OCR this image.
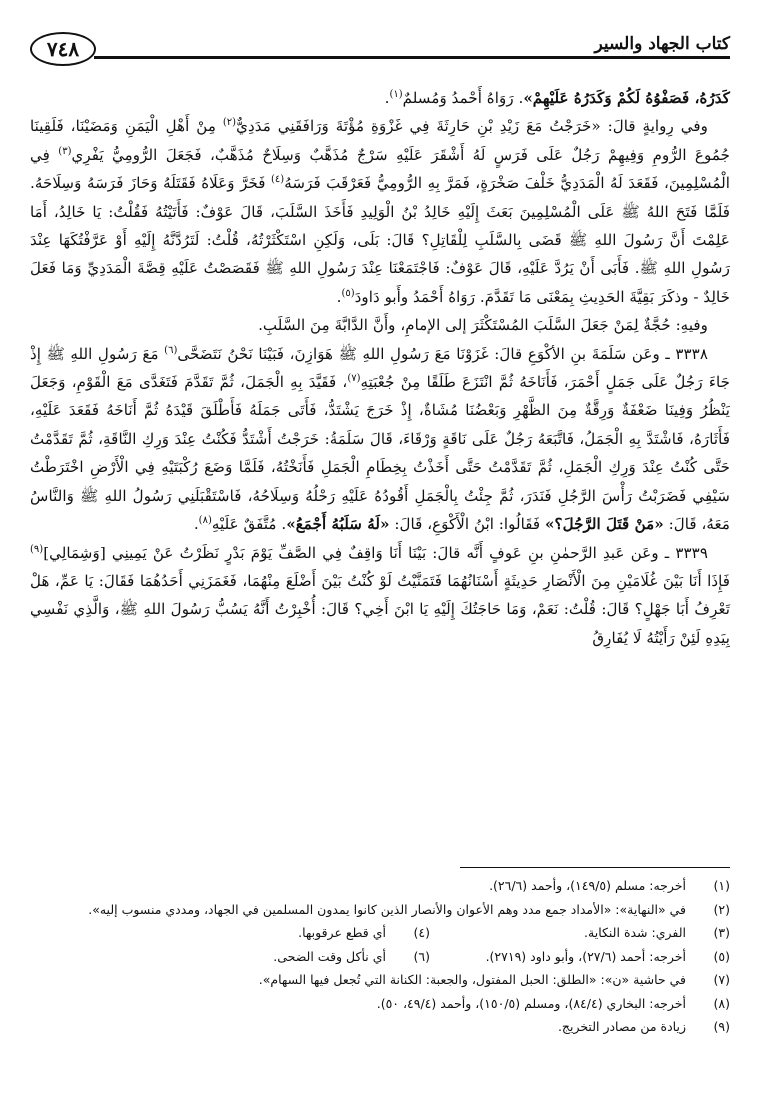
كتاب الجهاد والسير
٧٤٨

كَدَرُهُ، فَصَفْوُهُ لَكُمْ وَكَدَرُهُ عَلَيْهِمْ». رَوَاهُ أَحْمدُ وَمُسلمٌ$^{(١)}$.

وفي رِوايةٍ قالَ: «خَرَجْتُ مَعَ زَيْدِ بْنِ حَارِثَةَ فِي غَزْوَةِ مُؤْتَةَ وَرَافَقَنِي مَدَدِيٌّ$^{(٢)}$ مِنْ أَهْلِ الْيَمَنِ وَمَضَيْنَا، فَلَقِينَا جُمُوعَ الرُّومِ وَفِيهِمْ رَجُلٌ عَلَى فَرَسٍ لَهُ أَشْقَرَ عَلَيْهِ سَرْجٌ مُذَهَّبٌ وَسِلَاحٌ مُذَهَّبٌ، فَجَعَلَ الرُّومِيُّ يَفْرِي$^{(٣)}$ فِي الْمُسْلِمِينَ، فَقَعَدَ لَهُ الْمَدَدِيُّ خَلْفَ صَخْرَةٍ، فَمَرَّ بِهِ الرُّومِيُّ فَعَرْقَبَ فَرَسَهُ$^{(٤)}$ فَخَرَّ وَعَلَاهُ فَقَتَلَهُ وَحَازَ فَرَسَهُ وَسِلَاحَهُ. فَلَمَّا فَتَحَ اللهُ ﷺ عَلَى الْمُسْلِمِينَ بَعَثَ إِلَيْهِ خَالِدُ بْنُ الْوَلِيدِ فَأَخَذَ السَّلَبَ، قَالَ عَوْفٌ: فَأَتَيْتُهُ فَقُلْتُ: يَا خَالِدُ، أَمَا عَلِمْتَ أَنَّ رَسُولَ اللهِ ﷺ قَضَى بِالسَّلَبِ لِلْقَاتِلِ؟ قَالَ: بَلَى، وَلَكِنِ اسْتَكْثَرْتُهُ، قُلْتُ: لَتَرُدَّنَّهُ إِلَيْهِ أَوْ عَرَّفْتُكَهَا عِنْدَ رَسُولِ اللهِ ﷺ. فَأَبَى أَنْ يَرُدَّ عَلَيْهِ، قَالَ عَوْفٌ: فَاجْتَمَعْنَا عِنْدَ رَسُولِ اللهِ ﷺ فَقَصَصْتُ عَلَيْهِ قِصَّةَ الْمَدَدِيِّ وَمَا فَعَلَ خَالِدٌ - وذكَرَ بَقِيَّةَ الحَدِيثِ بِمَعْنَى مَا تَقَدَّمَ. رَوَاهُ أَحْمَدُ وأَبو دَاودَ$^{(٥)}$.

وفيهِ: حُجَّةٌ لِمَنْ جَعَلَ السَّلَبَ المُسْتَكْثَرَ إلى الإمامِ، وأَنَّ الدَّابَّةَ مِنَ السَّلَبِ.

٣٣٣٨ ـ وعَن سَلَمَةَ بنِ الأكْوَعِ قالَ: غَزَوْنَا مَعَ رَسُولِ اللهِ ﷺ هَوَازِنَ، فَبَيْنَا نَحْنُ نَتَضَحَّى$^{(٦)}$ مَعَ رَسُولِ اللهِ ﷺ إِذْ جَاءَ رَجُلٌ عَلَى جَمَلٍ أَحْمَرَ، فَأَنَاخَهُ ثُمَّ انْتَزَعَ طَلَقًا مِنْ جُعْبَتِهِ$^{(٧)}$، فَقَيَّدَ بِهِ الْجَمَلَ، ثُمَّ تَقَدَّمَ فَتَغَدَّى مَعَ الْقَوْمِ، وَجَعَلَ يَنْظُرُ وَفِينَا ضَعْفَةٌ وَرِقَّةٌ مِنَ الظَّهْرِ وَبَعْضُنَا مُشَاةٌ، إِذْ خَرَجَ يَشْتَدُّ، فَأَتَى جَمَلَهُ فَأَطْلَقَ قَيْدَهُ ثُمَّ أَنَاخَهُ فَقَعَدَ عَلَيْهِ، فَأَثَارَهُ، فَاشْتَدَّ بِهِ الْجَمَلُ، فَاتَّبَعَهُ رَجُلٌ عَلَى نَاقَةٍ وَرْقَاءَ، قَالَ سَلَمَةُ: خَرَجْتُ أَشْتَدُّ فَكُنْتُ عِنْدَ وَرِكِ النَّاقَةِ، ثُمَّ تَقَدَّمْتُ حَتَّى كُنْتُ عِنْدَ وَرِكِ الْجَمَلِ، ثُمَّ تَقَدَّمْتُ حَتَّى أَخَذْتُ بِخِطَامِ الْجَمَلِ فَأَنَخْتُهُ، فَلَمَّا وَضَعَ رُكْبَتَيْهِ فِي الْأَرْضِ اخْتَرَطْتُ سَيْفِي فَضَرَبْتُ رَأْسَ الرَّجُلِ فَنَدَرَ، ثُمَّ جِئْتُ بِالْجَمَلِ أَقُودُهُ عَلَيْهِ رَحْلُهُ وَسِلَاحُهُ، فَاسْتَقْبَلَنِي رَسُولُ اللهِ ﷺ وَالنَّاسُ مَعَهُ، قَالَ: «مَنْ قَتَلَ الرَّجُلَ؟» فَقَالُوا: ابْنُ الْأَكْوَعِ، قَالَ: «لَهُ سَلَبُهُ أَجْمَعُ». مُتَّفَقٌ عَلَيْهِ$^{(٨)}$.

٣٣٣٩ ـ وعَن عَبدِ الرَّحمٰنِ بنِ عَوفٍ أَنَّه قالَ: بَيْنَا أَنَا وَاقِفٌ فِي الصَّفِّ يَوْمَ بَدْرٍ نَظَرْتُ عَنْ يَمِينِي [وَشِمَالِي]$^{(٩)}$ فَإِذَا أَنَا بَيْنَ غُلَامَيْنِ مِنَ الْأَنْصَارِ حَدِيثَةٍ أَسْنَانُهُمَا فَتَمَنَّيْتُ لَوْ كُنْتُ بَيْنَ أَضْلَعَ مِنْهُمَا، فَغَمَزَنِي أَحَدُهُمَا فَقَالَ: يَا عَمِّ، هَلْ تَعْرِفُ أَبَا جَهْلٍ؟ قَالَ: قُلْتُ: نَعَمْ، وَمَا حَاجَتُكَ إِلَيْهِ يَا ابْنَ أَخِي؟ قَالَ: أُخْبِرْتُ أَنَّهُ يَسُبُّ رَسُولَ اللهِ ﷺ، وَالَّذِي نَفْسِي بِيَدِهِ لَئِنْ رَأَيْتُهُ لَا يُفَارِقُ

(١)
أخرجه: مسلم (١٤٩/٥)، وأحمد (٢٦/٦).
(٢)
في «النهاية»: «الأمداد جمع مدد وهم الأعوان والأنصار الذين كانوا يمدون المسلمين في الجهاد، ومددي منسوب إليه».
(٣)
الفري: شدة النكاية.
(٤)
أي قطع عرقوبها.
(٥)
أخرجه: أحمد (٢٧/٦)، وأبو داود (٢٧١٩).
(٦)
أي نأكل وقت الضحى.
(٧)
في حاشية «ن»: «الطلق: الحبل المفتول، والجعبة: الكنانة التي تُجعل فيها السهام».
(٨)
أخرجه: البخاري (٨٤/٤)، ومسلم (١٥٠/٥)، وأحمد (٤٩/٤، ٥٠).
(٩)
زيادة من مصادر التخريج.
